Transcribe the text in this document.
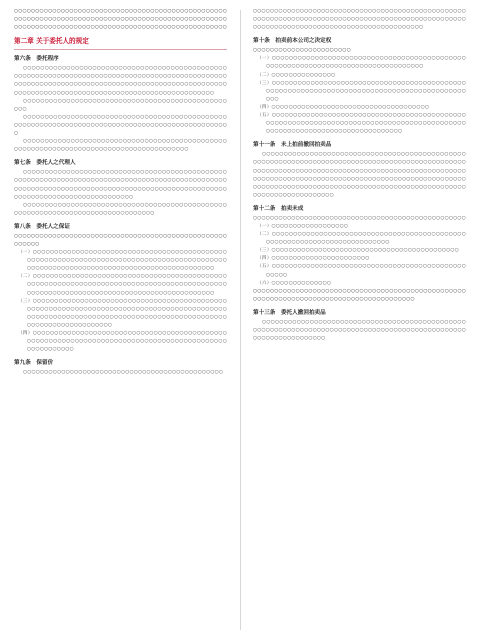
○○○○○○○○○○○○○○○○○○○○○○○○○○○○○○○○○○○○○○○○○○○○○○○○○○○○○○○○○○○○○○○○○○○○○○○○○○○○○○○○○○○○○○○○○○○○○○○○○○○○○○○○○○○○○○○○○○○○○○○○○○○○○○○○○○○○○○○○○○○○○○○○○○○○○○

第二章 关于委托人的规定
第六条　委托程序

○○○○○○○○○○○○○○○○○○○○○○○○○○○○○○○○○○○○○○○○○○○○○○○○○○○○○○○○○○○○○○○○○○○○○○○○○○○○○○○○○○○○○○○○○○○○○○○○○○○○○○○○○○○○○○○○○○○○○○○○○○○○○○○○○○○○○○○○○○○○○○○○○○○○○○○○○○○○○○○○○○○○○○○○○○○○○○○○○○○○○○○○○○○○○○○○○○

○○○○○○○○○○○○○○○○○○○○○○○○○○○○○○○○○○○○○○○○○○○○○○○○○○

○○○○○○○○○○○○○○○○○○○○○○○○○○○○○○○○○○○○○○○○○○○○○○○○○○○○○○○○○○○○○○○○○○○○○○○○○○○○○○○○○○○○○○○○○○○○○○○○○○

○○○○○○○○○○○○○○○○○○○○○○○○○○○○○○○○○○○○○○○○○○○○○○○○○○○○○○○○○○○○○○○○○○○○○○○○○○○○○○○○○○○○○○○○

第七条　委托人之代理人

○○○○○○○○○○○○○○○○○○○○○○○○○○○○○○○○○○○○○○○○○○○○○○○○○○○○○○○○○○○○○○○○○○○○○○○○○○○○○○○○○○○○○○○○○○○○○○○○○○○○○○○○○○○○○○○○○○○○○○○○○○○○○○○○○○○○○○○○○○○○○○○○○○○○○○○○○○○○○○○○○○○○○○○○○○○○○○○

○○○○○○○○○○○○○○○○○○○○○○○○○○○○○○○○○○○○○○○○○○○○○○○○○○○○○○○○○○○○○○○○○○○○○○○○○○○○○○○○

第八条　委托人之保证

○○○○○○○○○○○○○○○○○○○○○○○○○○○○○○○○○○○○○○○○○○○○○○○○○○○○○○○○

（一）○○○○○○○○○○○○○○○○○○○○○○○○○○○○○○○○○○○○○○○○○○○○○○○○○○○○○○○○○○○○○○○○○○○○○○○○○○○○○○○○○○○○○○○○○○○○○○○○○○○○○○○○○○○○○○○○○○○○○○○○○○○○○○○○○○○○○○○

（二）○○○○○○○○○○○○○○○○○○○○○○○○○○○○○○○○○○○○○○○○○○○○○○○○○○○○○○○○○○○○○○○○○○○○○○○○○○○○○○○○○○○○○○○○○○○○○○○○○○○○○○○○○○○○○○○○○○○○○○○○○○○○○○○○○○○○○○○

（三）○○○○○○○○○○○○○○○○○○○○○○○○○○○○○○○○○○○○○○○○○○○○○○○○○○○○○○○○○○○○○○○○○○○○○○○○○○○○○○○○○○○○○○○○○○○○○○○○○○○○○○○○○○○○○○○○○○○○○○○○○○○○○○○○○○○○○○○○○○○○○○○○○○○○○○○○○○○○○

（四）○○○○○○○○○○○○○○○○○○○○○○○○○○○○○○○○○○○○○○○○○○○○○○○○○○○○○○○○○○○○○○○○○○○○○○○○○○○○○○○○○○○○○○○○○○○○○○○○○○○○○○

第九条　保留价

○○○○○○○○○○○○○○○○○○○○○○○○○○○○○○○○○○○○○○○○○○○○○○○

○○○○○○○○○○○○○○○○○○○○○○○○○○○○○○○○○○○○○○○○○○○○○○○○○○○○○○○○○○○○○○○○○○○○○○○○○○○○○○○○○○○○○○○○○○○○○○○○○○○○○○○○○○○○○○○○○○○○○○○○○○○○○○○○○○○○○○○○○○○○

第十条　拍卖前本公司之决定权

○○○○○○○○○○○○○○○○○○○○○○○

（一）○○○○○○○○○○○○○○○○○○○○○○○○○○○○○○○○○○○○○○○○○○○○○○○○○○○○○○○○○○○○○○○○○○○○○○○○○○○○○○○○○○

（二）○○○○○○○○○○○○○○○

（三）○○○○○○○○○○○○○○○○○○○○○○○○○○○○○○○○○○○○○○○○○○○○○○○○○○○○○○○○○○○○○○○○○○○○○○○○○○○○○○○○○○○○○○○○○○○○○○

（四）○○○○○○○○○○○○○○○○○○○○○○○○○○○○○○○○○○○○○

（五）○○○○○○○○○○○○○○○○○○○○○○○○○○○○○○○○○○○○○○○○○○○○○○○○○○○○○○○○○○○○○○○○○○○○○○○○○○○○○○○○○○○○○○○○○○○○○○○○○○○○○○○○○○○○○○○○○○○○○○○○○○○

第十一条　未上拍前撤回拍卖品

○○○○○○○○○○○○○○○○○○○○○○○○○○○○○○○○○○○○○○○○○○○○○○○○○○○○○○○○○○○○○○○○○○○○○○○○○○○○○○○○○○○○○○○○○○○○○○○○○○○○○○○○○○○○○○○○○○○○○○○○○○○○○○○○○○○○○○○○○○○○○○○○○○○○○○○○○○○○○○○○○○○○○○○○○○○○○○○○○○○○○○○○○○○○○○○○○○○○○○○○○○○○○○○○○○○○○○○○○○○○○○○○○○○○○○○○○○○○○○○○○○○○○○○○○○○○○○○○○○○○○○○○○○

第十二条　拍卖未成

○○○○○○○○○○○○○○○○○○○○○○○○○○○○○○○○○○○○○○○○○○○○○○○○○○

（一）○○○○○○○○○○○○○○○○○○

（二）○○○○○○○○○○○○○○○○○○○○○○○○○○○○○○○○○○○○○○○○○○○○○○○○○○○○○○○○○○○○○○○○○○○○○○○○○○

（三）○○○○○○○○○○○○○○○○○○○○○○○○○○○○○○○○○○○○○○○○○○○○

（四）○○○○○○○○○○○○○○○○○○○○○○○

（五）○○○○○○○○○○○○○○○○○○○○○○○○○○○○○○○○○○○○○○○○○○○○○○○○○○

（六）○○○○○○○○○○○○○○

○○○○○○○○○○○○○○○○○○○○○○○○○○○○○○○○○○○○○○○○○○○○○○○○○○○○○○○○○○○○○○○○○○○○○○○○○○○○○○○○○○○○○○○○

第十三条　委托人撤回拍卖品

○○○○○○○○○○○○○○○○○○○○○○○○○○○○○○○○○○○○○○○○○○○○○○○○○○○○○○○○○○○○○○○○○○○○○○○○○○○○○○○○○○○○○○○○○○○○○○○○○○○○○○○○○○○○○○○○○○
